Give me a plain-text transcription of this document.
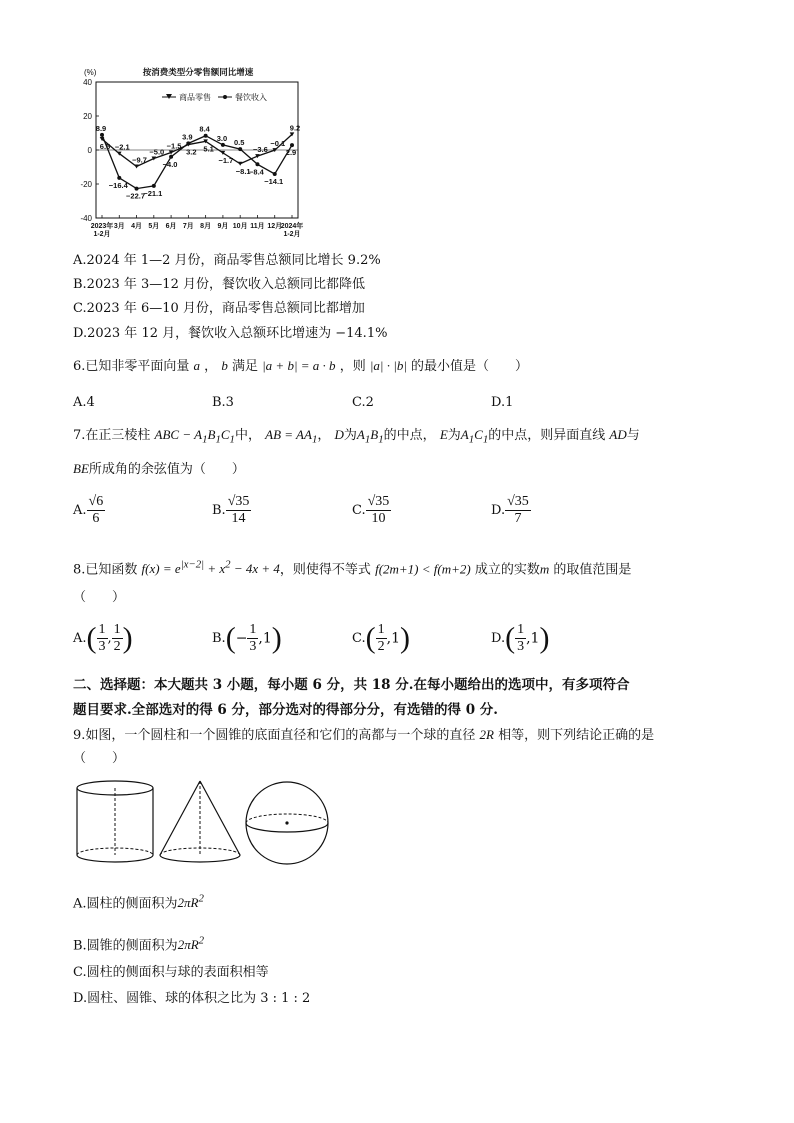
(%)	按消费类型分零售额同比增速
40
20
0
-20
-40
2023年
1-2月
3月 4月 5月 6月 7月 8月 9月 10月 11月 12月
2024年
1-2月
商品零售	餐饮收入
6.5 −2.1
−9.7
−5.0
−1.5
3.2 5.1
−1.7
−8.1
−3.6
−0.1
9.2
8.9
−16.4
−22.7
−21.1
−4.0
3.9
8.4
3.0 0.5
−8.4
−14.1
2.9
A.2024 年 1—2 月份，商品零售总额同比增长 9.2%
B.2023 年 3—12 月份，餐饮收入总额同比都降低
C.2023 年 6—10 月份，商品零售总额同比都增加
D.2023 年 12 月，餐饮收入总额环比增速为 −14.1%
6.已知非零平面向量 a ， b 满足 |a + b| = a · b ，则 |a| · |b| 的最小值是（　　）
A.4	B.3	C.2	D.1
7.在正三棱柱 ABC − $A_1B_1C_1$中， AB = $AA_1$， D为$A_1B_1$的中点， E为$A_1C_1$的中点，则异面直线 AD与
BE所成角的余弦值为（　　）
A. $\frac{√6}{6}$	B. $\frac{√35}{14}$	C. $\frac{√35}{10}$	D. $\frac{√35}{7}$
8.已知函数 $f(x) = e^{|x-2|} + x^2 - 4x + 4$，则使得不等式 f(2m+1) < f(m+2) 成立的实数m 的取值范围是
（　　）
$A.( \frac{1}{3}$ , $\frac{1}{2}$ )	$B.(- \frac{1}{3} ,1)$	$C.( \frac{1}{2} ,1)$	$D.( \frac{1}{3} ,1)$
二、选择题：本大题共 3 小题，每小题 6 分，共 18 分.在每小题给出的选项中，有多项符合
题目要求.全部选对的得 6 分，部分选对的得部分分，有选错的得 0 分.
9.如图，一个圆柱和一个圆锥的底面直径和它们的高都与一个球的直径 2R 相等，则下列结论正确的是
（　　）
A.圆柱的侧面积为$2\pi R^2$
B.圆锥的侧面积为$2\pi R^2$
C.圆柱的侧面积与球的表面积相等
D.圆柱、圆锥、球的体积之比为 3 : 1 : 2
